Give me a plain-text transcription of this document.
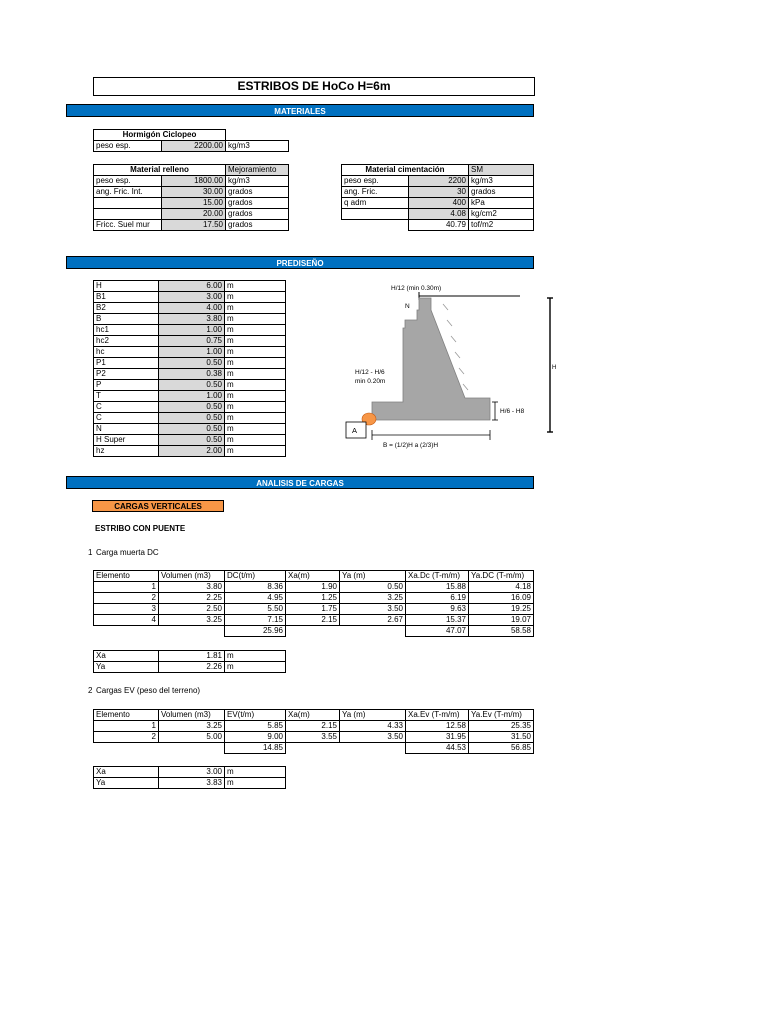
ESTRIBOS DE HoCo H=6m
MATERIALES
Hormigón Ciclopeo		
peso esp.	2200.00	kg/m3
Material relleno		Mejoramiento
peso esp.	1800.00	kg/m3
ang. Fric. Int.	30.00	grados
	15.00	grados
	20.00	grados
Fricc. Suel mur	17.50	grados
Material cimentación		SM
peso esp.	2200	kg/m3
ang. Fric.	30	grados
q adm	400	kPa
	4.08	kg/cm2
	40.79	tof/m2
PREDISEÑO
H	6.00	m
B1	3.00	m
B2	4.00	m
B	3.80	m
hc1	1.00	m
hc2	0.75	m
hc	1.00	m
P1	0.50	m
P2	0.38	m
P	0.50	m
T	1.00	m
C	0.50	m
C	0.50	m
N	0.50	m
H Super	0.50	m
hz	2.00	m
H/12 (min 0.30m)
N
H/12 - H/6
min 0.20m
A
B = (1/2)H a (2/3)H
H/6 - H8
H
ANALISIS DE CARGAS
CARGAS VERTICALES
ESTRIBO CON PUENTE
1 Carga muerta DC
Elemento	Volumen (m3)	DC(t/m)	Xa(m)	Ya (m)	Xa.Dc (T-m/m)	Ya.DC (T-m/m)
1	3.80	8.36	1.90	0.50	15.88	4.18
2	2.25	4.95	1.25	3.25	6.19	16.09
3	2.50	5.50	1.75	3.50	9.63	19.25
4	3.25	7.15	2.15	2.67	15.37	19.07
		25.96			47.07	58.58
Xa	1.81	m
Ya	2.26	m
2 Cargas EV (peso del terreno)
Elemento	Volumen (m3)	EV(t/m)	Xa(m)	Ya (m)	Xa.Ev (T-m/m)	Ya.Ev (T-m/m)
1	3.25	5.85	2.15	4.33	12.58	25.35
2	5.00	9.00	3.55	3.50	31.95	31.50
		14.85			44.53	56.85
Xa	3.00	m
Ya	3.83	m
